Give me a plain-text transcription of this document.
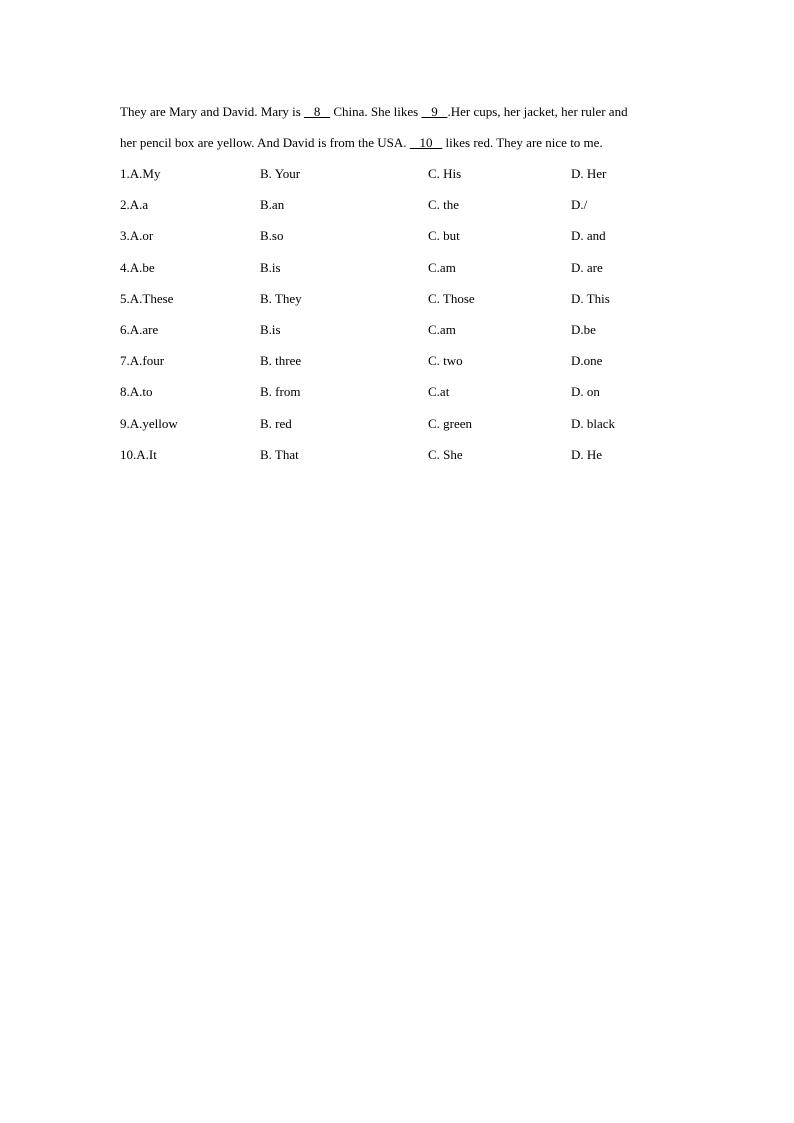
They are Mary and David. Mary is    8    China. She likes    9   .Her cups, her jacket, her ruler and
her pencil box are yellow. And David is from the USA.    10    likes red. They are nice to me.
1.A.My	B. Your	C. His	D. Her
2.A.a	B.an	C. the	D./
3.A.or	B.so	C. but	D. and
4.A.be	B.is	C.am	D. are
5.A.These	B. They	C. Those	D. This
6.A.are	B.is	C.am	D.be
7.A.four	B. three	C. two	D.one
8.A.to	B. from	C.at	D. on
9.A.yellow	B. red	C. green	D. black
10.A.It	B. That	C. She	D. He
